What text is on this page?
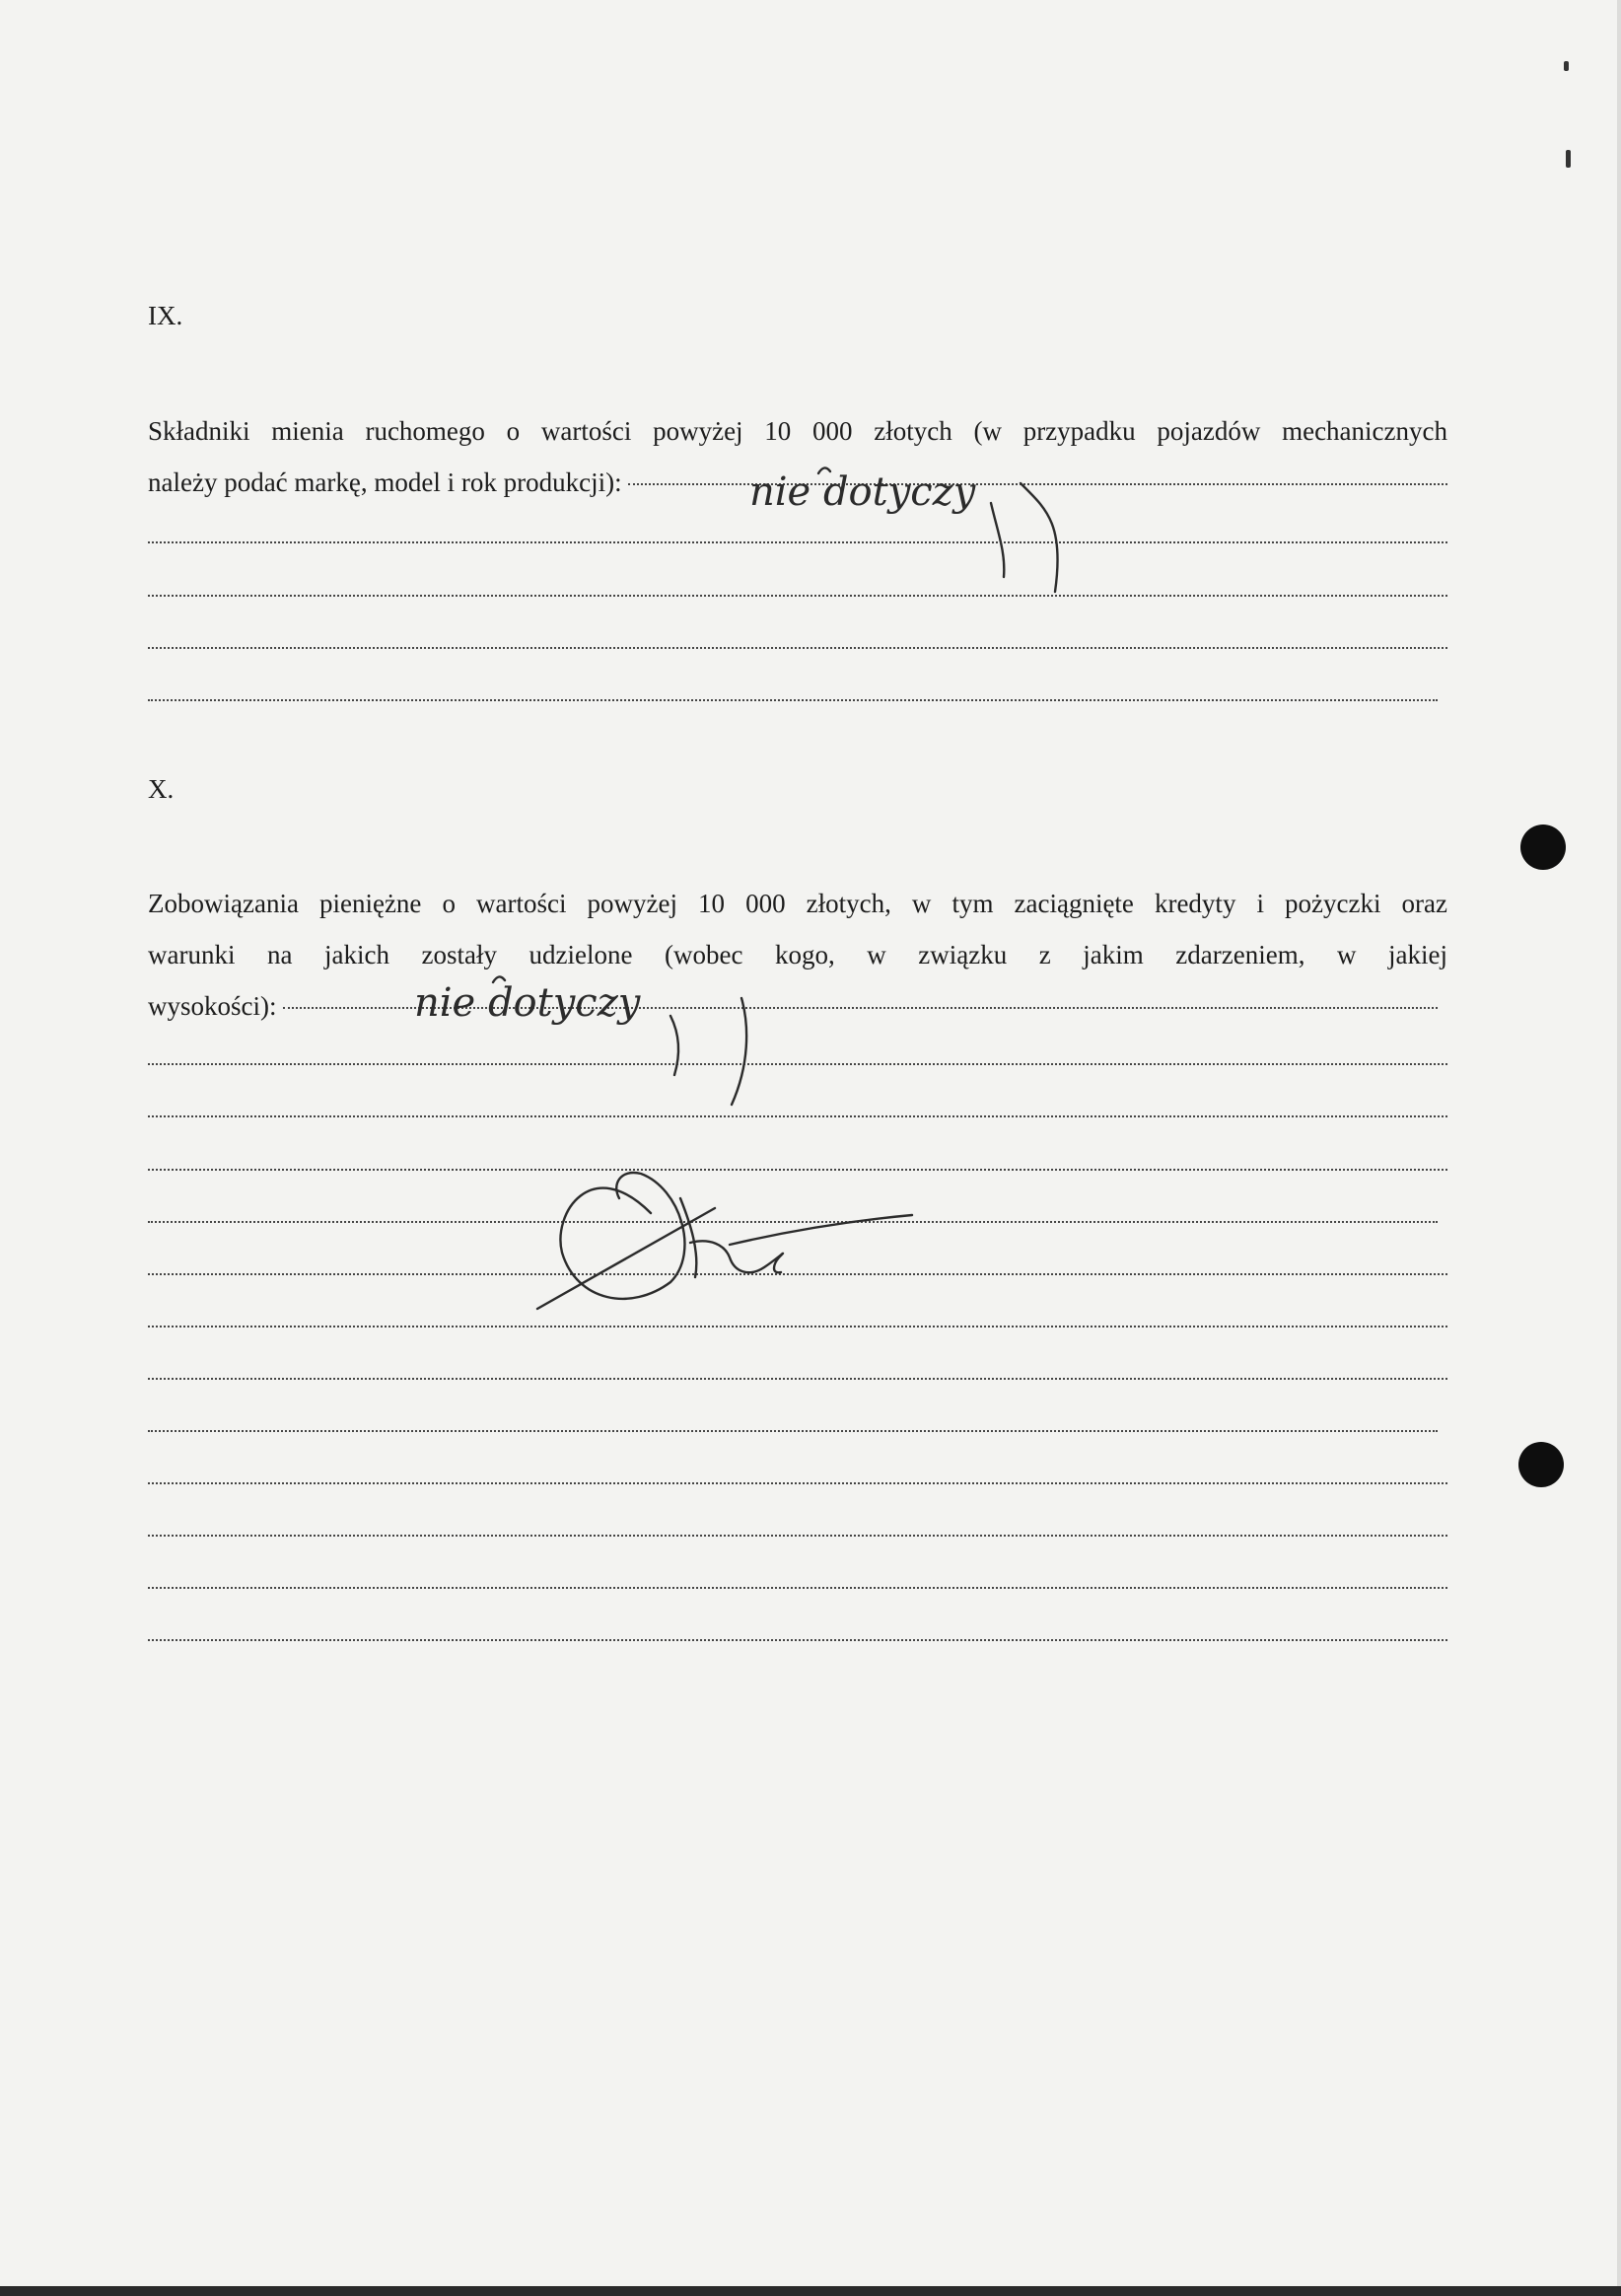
IX.
Składniki mienia ruchomego o wartości powyżej 10 000 złotych (w przypadku pojazdów mechanicznych
należy podać markę, model i rok produkcji):
X.
Zobowiązania pieniężne o wartości powyżej 10 000 złotych, w tym zaciągnięte kredyty i pożyczki oraz
warunki na jakich zostały udzielone (wobec kogo, w związku z jakim zdarzeniem, w jakiej
wysokości):
nie dotyczy
nie dotyczy
